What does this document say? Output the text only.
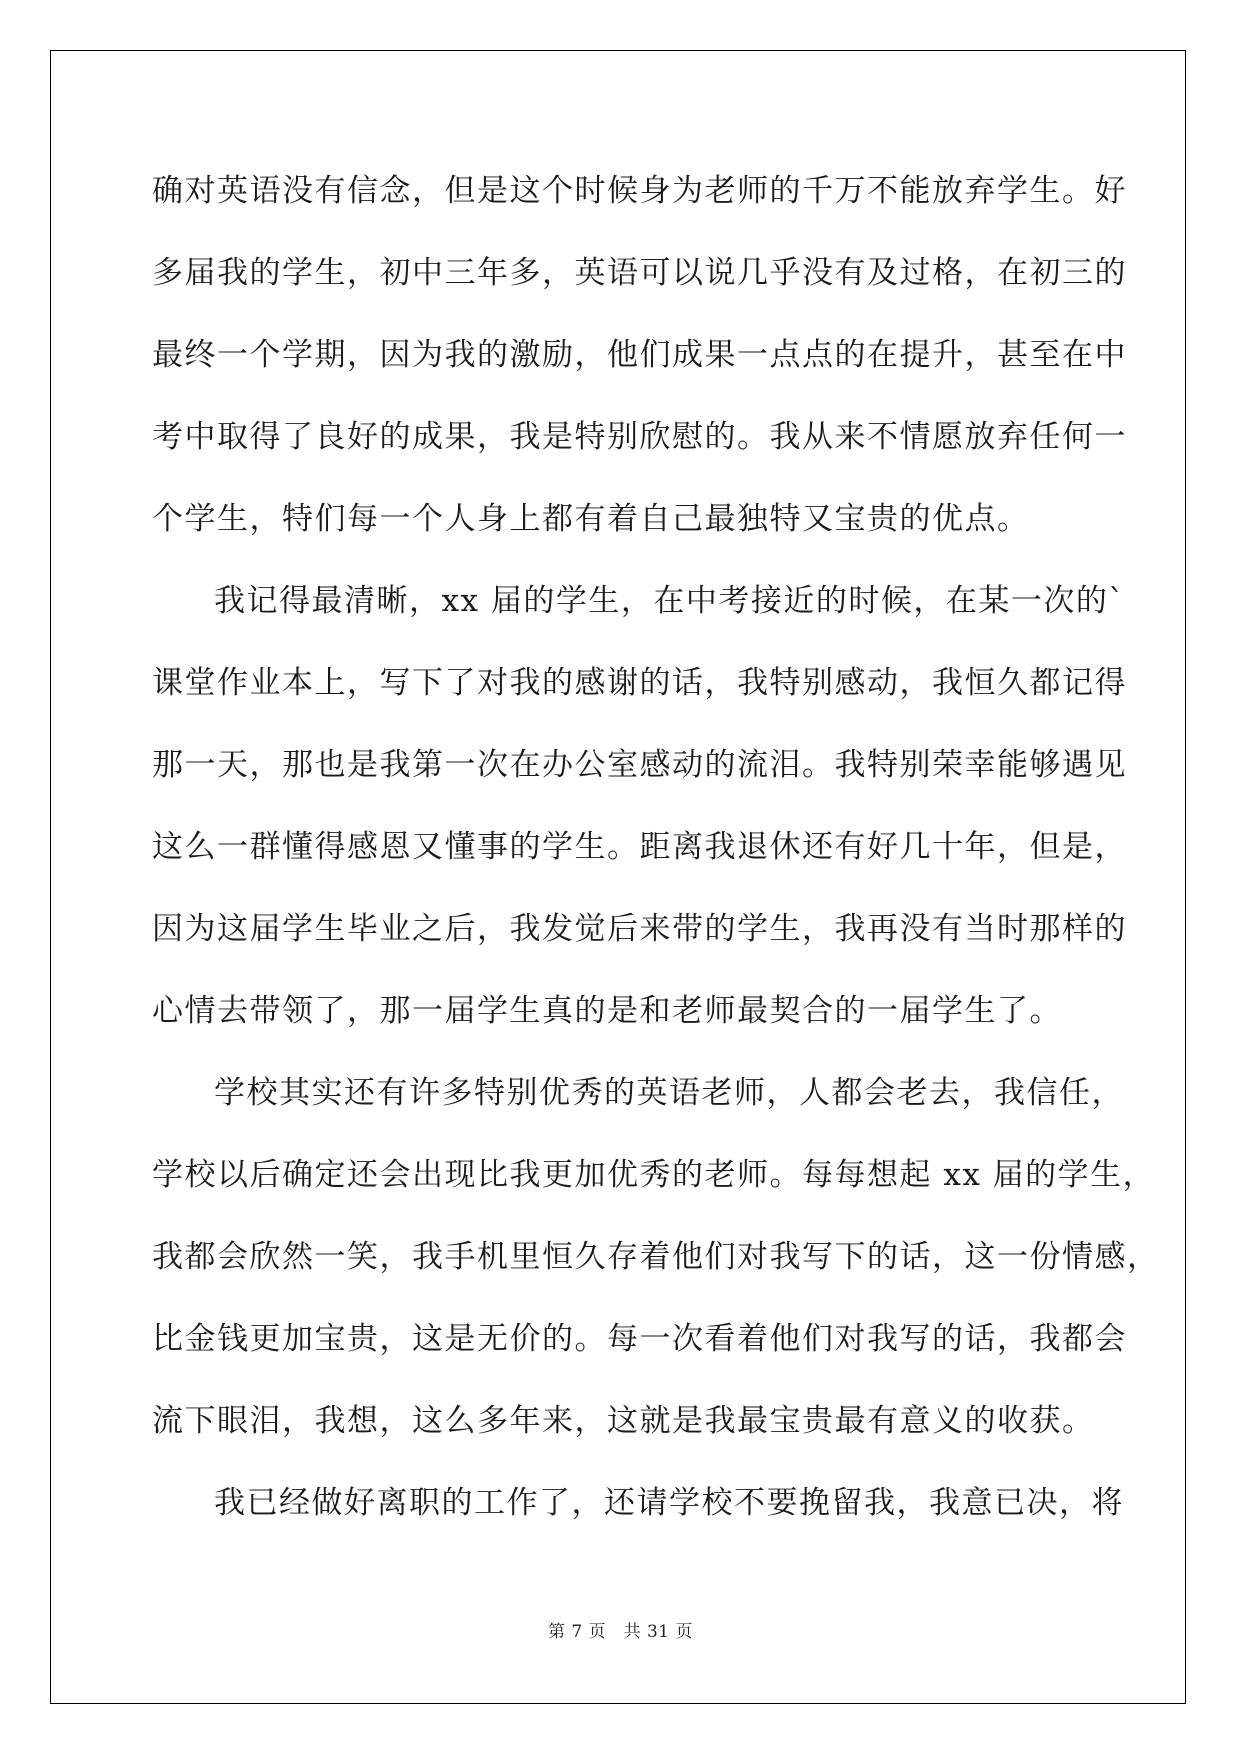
确对英语没有信念，但是这个时候身为老师的千万不能放弃学生。好
多届我的学生，初中三年多，英语可以说几乎没有及过格，在初三的
最终一个学期，因为我的激励，他们成果一点点的在提升，甚至在中
考中取得了良好的成果，我是特别欣慰的。我从来不情愿放弃任何一
个学生，特们每一个人身上都有着自己最独特又宝贵的优点。
我记得最清晰，xx 届的学生，在中考接近的时候，在某一次的`
课堂作业本上，写下了对我的感谢的话，我特别感动，我恒久都记得
那一天，那也是我第一次在办公室感动的流泪。我特别荣幸能够遇见
这么一群懂得感恩又懂事的学生。距离我退休还有好几十年，但是，
因为这届学生毕业之后，我发觉后来带的学生，我再没有当时那样的
心情去带领了，那一届学生真的是和老师最契合的一届学生了。
学校其实还有许多特别优秀的英语老师，人都会老去，我信任，
学校以后确定还会出现比我更加优秀的老师。每每想起 xx 届的学生，
我都会欣然一笑，我手机里恒久存着他们对我写下的话，这一份情感，
比金钱更加宝贵，这是无价的。每一次看着他们对我写的话，我都会
流下眼泪，我想，这么多年来，这就是我最宝贵最有意义的收获。
我已经做好离职的工作了，还请学校不要挽留我，我意已决，将
第 7 页　共 31 页
